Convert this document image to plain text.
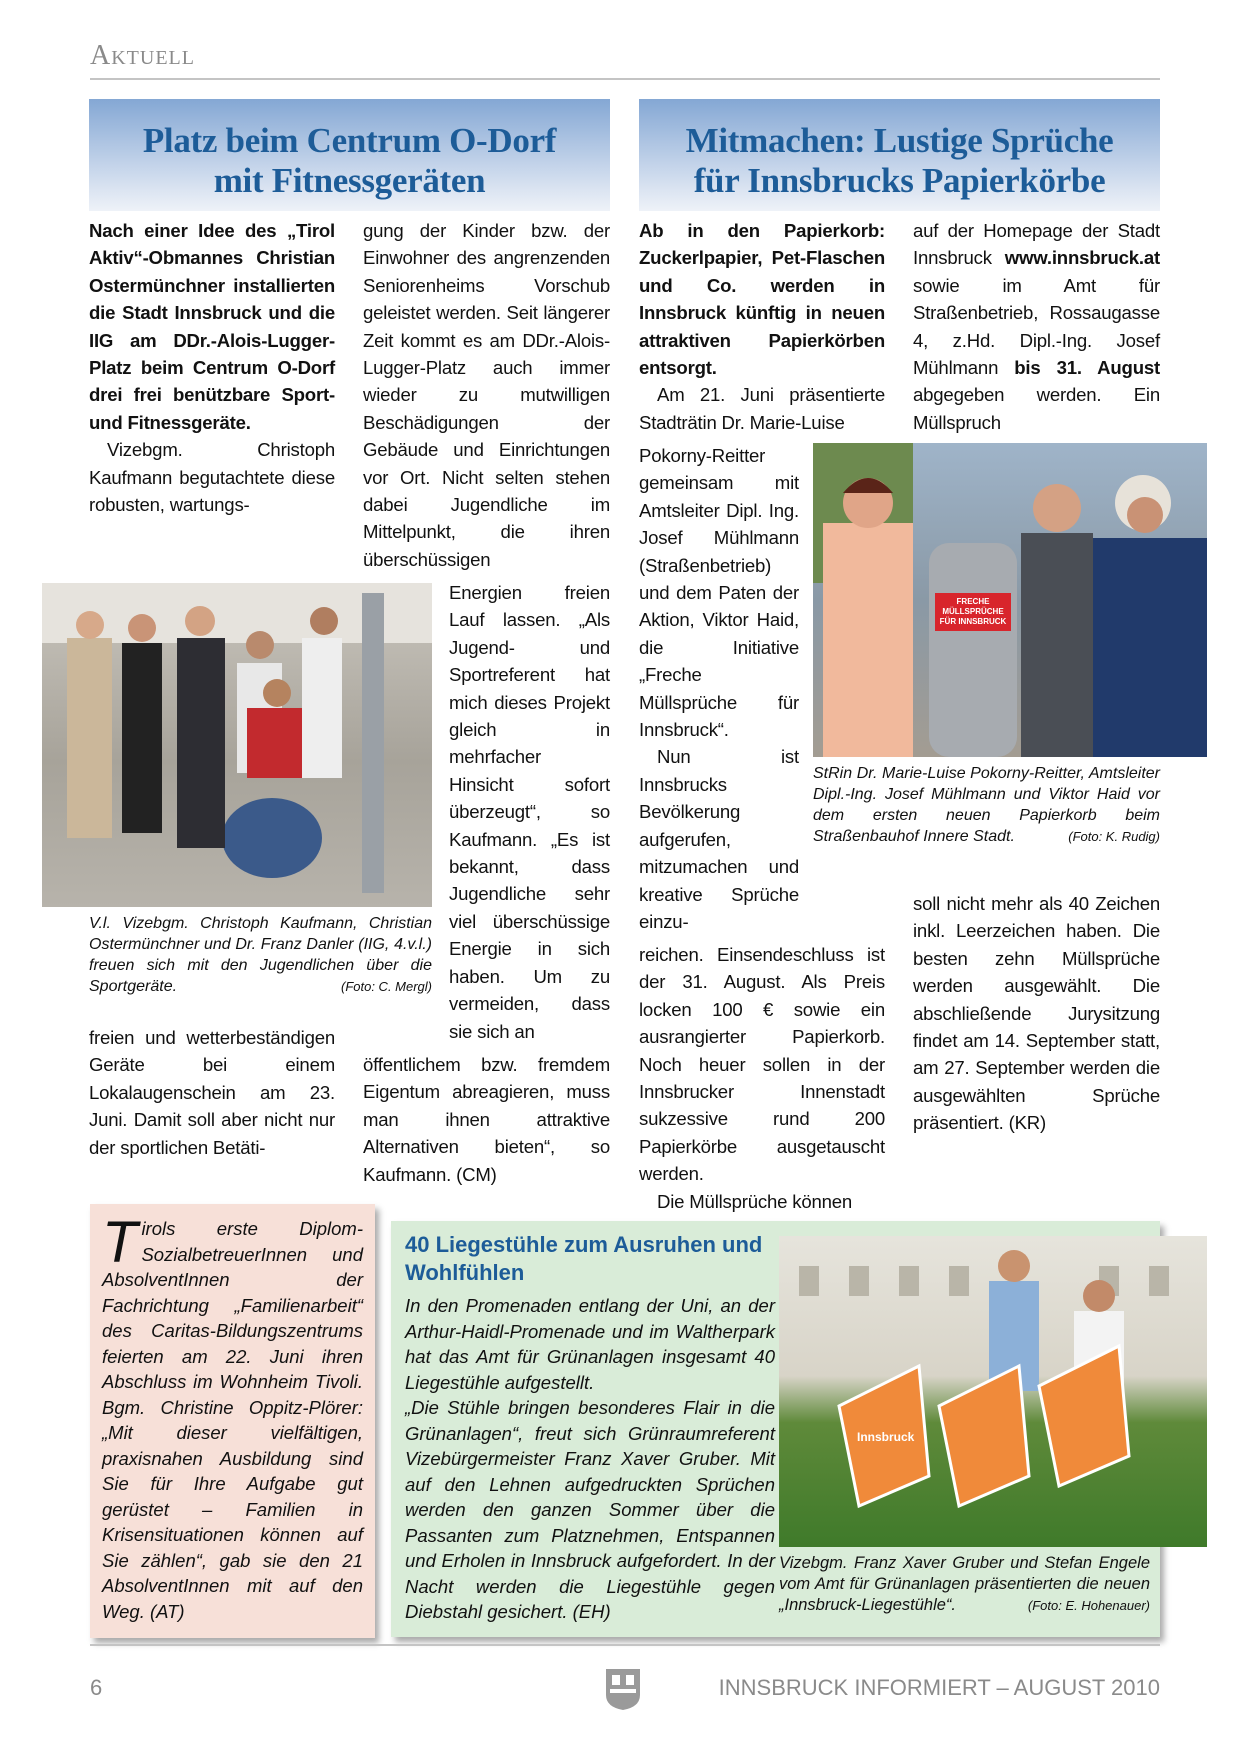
Aktuell
Platz beim Centrum O-Dorf
mit Fitnessgeräten

Nach einer Idee des „Tirol Aktiv“-Obmannes Christian Ostermünchner installierten die Stadt Innsbruck und die IIG am DDr.-Alois-Lugger-Platz beim Centrum O-Dorf drei frei benützbare Sport- und Fitnessgeräte.

Vizebgm. Christoph Kaufmann begutachtete diese robusten, wartungs-

gung der Kinder bzw. der Einwohner des angrenzenden Seniorenheims Vorschub geleistet werden. Seit längerer Zeit kommt es am DDr.-Alois-Lugger-Platz auch immer wieder zu mutwilligen Beschädigungen der Gebäude und Einrichtungen vor Ort. Nicht selten stehen dabei Jugendliche im Mittelpunkt, die ihren überschüssigen

Energien freien Lauf lassen. „Als Jugend- und Sportreferent hat mich dieses Projekt gleich in mehrfacher Hinsicht sofort überzeugt“, so Kaufmann. „Es ist bekannt, dass Jugendliche sehr viel überschüssige Energie in sich haben. Um zu vermeiden, dass sie sich an

V.l. Vizebgm. Christoph Kaufmann, Christian Ostermünchner und Dr. Franz Danler (IIG, 4.v.l.) freuen sich mit den Jugendlichen über die Sportgeräte.	(Foto: C. Mergl)

freien und wetterbeständigen Geräte bei einem Lokalaugenschein am 23. Juni. Damit soll aber nicht nur der sportlichen Betäti-

öffentlichem bzw. fremdem Eigentum abreagieren, muss man ihnen attraktive Alternativen bieten“, so Kaufmann. (CM)

Mitmachen: Lustige Sprüche
für Innsbrucks Papierkörbe

Ab in den Papierkorb: Zuckerlpapier, Pet-Flaschen und Co. werden in Innsbruck künftig in neuen attraktiven Papierkörben entsorgt.

Am 21. Juni präsentierte Stadträtin Dr. Marie-Luise

auf der Homepage der Stadt Innsbruck www.innsbruck.at sowie im Amt für Straßenbetrieb, Rossaugasse 4, z.Hd. Dipl.-Ing. Josef Mühlmann bis 31. August abgegeben werden. Ein Müllspruch

Pokorny-Reitter gemeinsam mit Amtsleiter Dipl. Ing. Josef Mühlmann (Straßenbetrieb) und dem Paten der Aktion, Viktor Haid, die Initiative „Freche Müllsprüche für Innsbruck“.

Nun ist Innsbrucks Bevölkerung aufgerufen, mitzumachen und kreative Sprüche einzu-

FRECHE MÜLLSPRÜCHE FÜR INNSBRUCK
StRin Dr. Marie-Luise Pokorny-Reitter, Amtsleiter Dipl.-Ing. Josef Mühlmann und Viktor Haid vor dem ersten neuen Papierkorb beim Straßenbauhof Innere Stadt.	(Foto: K. Rudig)

reichen. Einsendeschluss ist der 31. August. Als Preis locken 100 € sowie ein ausrangierter Papierkorb. Noch heuer sollen in der Innsbrucker Innenstadt sukzessive rund 200 Papierkörbe ausgetauscht werden.

Die Müllsprüche können

soll nicht mehr als 40 Zeichen inkl. Leerzeichen haben. Die besten zehn Müllsprüche werden ausgewählt. Die abschließende Jurysitzung findet am 14. September statt, am 27. September werden die ausgewählten Sprüche präsentiert. (KR)

Tirols erste Diplom-SozialbetreuerInnen und AbsolventInnen der Fachrichtung „Familienarbeit“ des Caritas-Bildungszentrums feierten am 22. Juni ihren Abschluss im Wohnheim Tivoli. Bgm. Christine Oppitz-Plörer: „Mit dieser vielfältigen, praxisnahen Ausbildung sind Sie für Ihre Aufgabe gut gerüstet – Familien in Krisensituationen können auf Sie zählen“, gab sie den 21 AbsolventInnen mit auf den Weg. (AT)
40 Liegestühle zum Ausruhen und Wohlfühlen
In den Promenaden entlang der Uni, an der Arthur-Haidl-Promenade und im Waltherpark hat das Amt für Grünanlagen insgesamt 40 Liegestühle aufgestellt.
„Die Stühle bringen besonderes Flair in die Grünanlagen“, freut sich Grünraumreferent Vizebürgermeister Franz Xaver Gruber. Mit auf den Lehnen aufgedruckten Sprüchen werden den ganzen Sommer über die Passanten zum Platznehmen, Entspannen und Erholen in Innsbruck aufgefordert. In der Nacht werden die Liegestühle gegen Diebstahl gesichert. (EH)
Innsbruck
Vizebgm. Franz Xaver Gruber und Stefan Engele vom Amt für Grünanlagen präsentierten die neuen „Innsbruck-Liegestühle“.	(Foto: E. Hohenauer)
6	INNSBRUCK INFORMIERT – AUGUST 2010
